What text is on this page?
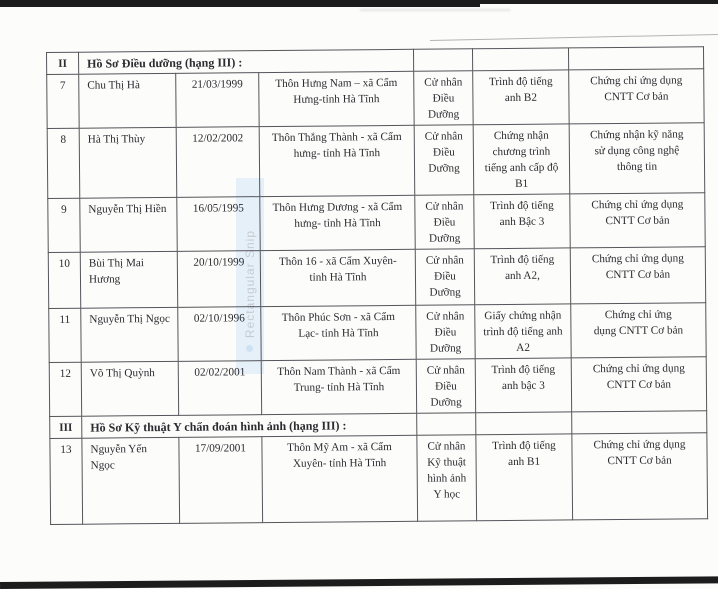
Rectangular Snip
II	Hồ Sơ Điều dưỡng (hạng III) :					
7	Chu Thị Hà	21/03/1999	Thôn Hưng Nam – xã Cẩm
Hưng-tỉnh Hà Tĩnh	Cử nhân
Điều
Dưỡng	Trình độ tiếng
anh B2	Chứng chỉ ứng dụng
CNTT Cơ bản
8	Hà Thị Thùy	12/02/2002	Thôn Thắng Thành - xã Cẩm
hưng- tỉnh Hà Tĩnh	Cử nhân
Điều
Dưỡng	Chứng nhận
chương trình
tiếng anh cấp độ
B1	Chứng nhận kỹ năng
sử dụng công nghệ
thông tin
9	Nguyễn Thị Hiền	16/05/1995	Thôn Hưng Dương - xã Cẩm
hưng- tỉnh Hà Tĩnh	Cử nhân
Điều
Dưỡng	Trình độ tiếng
anh Bậc 3	Chứng chỉ ứng dụng
CNTT Cơ bản
10	Bùi Thị Mai
Hương	20/10/1999	Thôn 16 - xã Cẩm Xuyên-
tỉnh Hà Tĩnh	Cử nhân
Điều
Dưỡng	Trình độ tiếng
anh A2,	Chứng chỉ ứng dụng
CNTT Cơ bản
11	Nguyễn Thị Ngọc	02/10/1996	Thôn Phúc Sơn - xã Cẩm
Lạc- tỉnh Hà Tĩnh	Cử nhân
Điều
Dưỡng	Giấy chứng nhận
trình độ tiếng anh
A2	Chứng chỉ ứng
dụng CNTT Cơ bản
12	Võ Thị Quỳnh	02/02/2001	Thôn Nam Thành - xã Cẩm
Trung- tỉnh Hà Tĩnh	Cử nhân
Điều
Dưỡng	Trình độ tiếng
anh bậc 3	Chứng chỉ ứng dụng
CNTT Cơ bản
III	Hồ Sơ Kỹ thuật Y chẩn đoán hình ảnh (hạng III) :					
13	Nguyễn Yến
Ngọc	17/09/2001	Thôn Mỹ Am - xã Cẩm
Xuyên- tỉnh Hà Tĩnh	Cử nhân
Kỹ thuật
hình ảnh
Y học	Trình độ tiếng
anh B1	Chứng chỉ ứng dụng
CNTT Cơ bản
